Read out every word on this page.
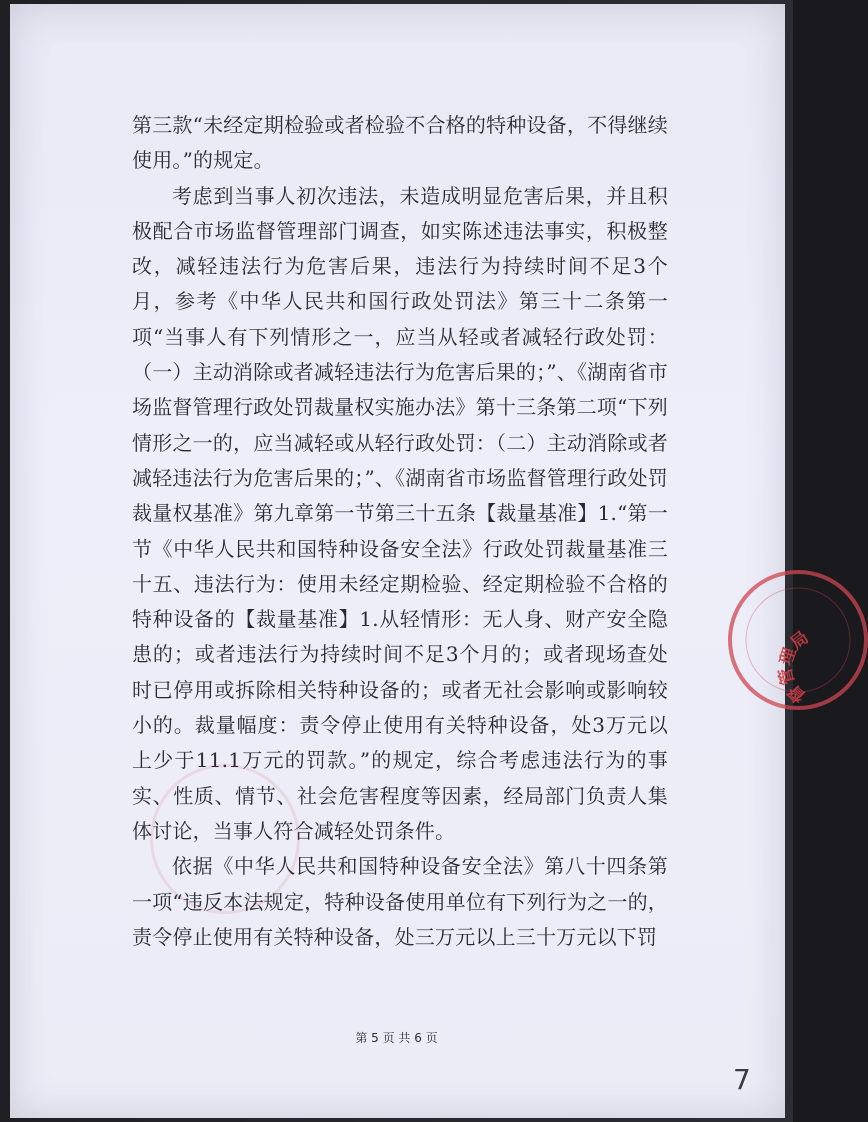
第三款“未经定期检验或者检验不合格的特种设备，不得继续使用。”的规定。

考虑到当事人初次违法，未造成明显危害后果，并且积极配合市场监督管理部门调查，如实陈述违法事实，积极整改，减轻违法行为危害后果，违法行为持续时间不足3个月，参考《中华人民共和国行政处罚法》第三十二条第一项“当事人有下列情形之一，应当从轻或者减轻行政处罚：（一）主动消除或者减轻违法行为危害后果的；”、《湖南省市场监督管理行政处罚裁量权实施办法》第十三条第二项“下列情形之一的，应当减轻或从轻行政处罚：（二）主动消除或者减轻违法行为危害后果的；”、《湖南省市场监督管理行政处罚裁量权基准》第九章第一节第三十五条【裁量基准】1.“第一节《中华人民共和国特种设备安全法》行政处罚裁量基准三十五、违法行为：使用未经定期检验、经定期检验不合格的特种设备的【裁量基准】1.从轻情形：无人身、财产安全隐患的；或者违法行为持续时间不足3个月的；或者现场查处时已停用或拆除相关特种设备的；或者无社会影响或影响较小的。裁量幅度：责令停止使用有关特种设备，处3万元以上少于11.1万元的罚款。”的规定，综合考虑违法行为的事实、性质、情节、社会危害程度等因素，经局部门负责人集体讨论，当事人符合减轻处罚条件。

依据《中华人民共和国特种设备安全法》第八十四条第一项“违反本法规定，特种设备使用单位有下列行为之一的，责令停止使用有关特种设备，处三万元以上三十万元以下罚

督管理局
第 5 页 共 6 页
7
